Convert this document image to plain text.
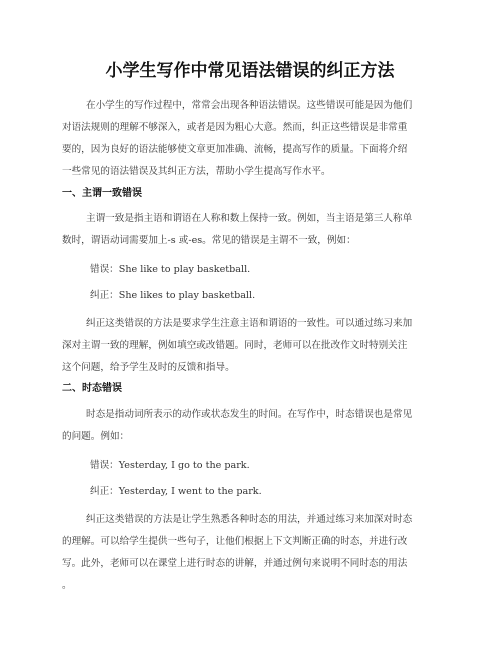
小学生写作中常见语法错误的纠正方法
在小学生的写作过程中，常常会出现各种语法错误。这些错误可能是因为他们
对语法规则的理解不够深入，或者是因为粗心大意。然而，纠正这些错误是非常重
要的，因为良好的语法能够使文章更加准确、流畅，提高写作的质量。下面将介绍
一些常见的语法错误及其纠正方法，帮助小学生提高写作水平。
一、主谓一致错误
主谓一致是指主语和谓语在人称和数上保持一致。例如，当主语是第三人称单
数时，谓语动词需要加上-s 或-es。常见的错误是主谓不一致，例如：
错误：She like to play basketball.
纠正：She likes to play basketball.
纠正这类错误的方法是要求学生注意主语和谓语的一致性。可以通过练习来加
深对主谓一致的理解，例如填空或改错题。同时，老师可以在批改作文时特别关注
这个问题，给予学生及时的反馈和指导。
二、时态错误
时态是指动词所表示的动作或状态发生的时间。在写作中，时态错误也是常见
的问题。例如：
错误：Yesterday, I go to the park.
纠正：Yesterday, I went to the park.
纠正这类错误的方法是让学生熟悉各种时态的用法，并通过练习来加深对时态
的理解。可以给学生提供一些句子，让他们根据上下文判断正确的时态，并进行改
写。此外，老师可以在课堂上进行时态的讲解，并通过例句来说明不同时态的用法
。
